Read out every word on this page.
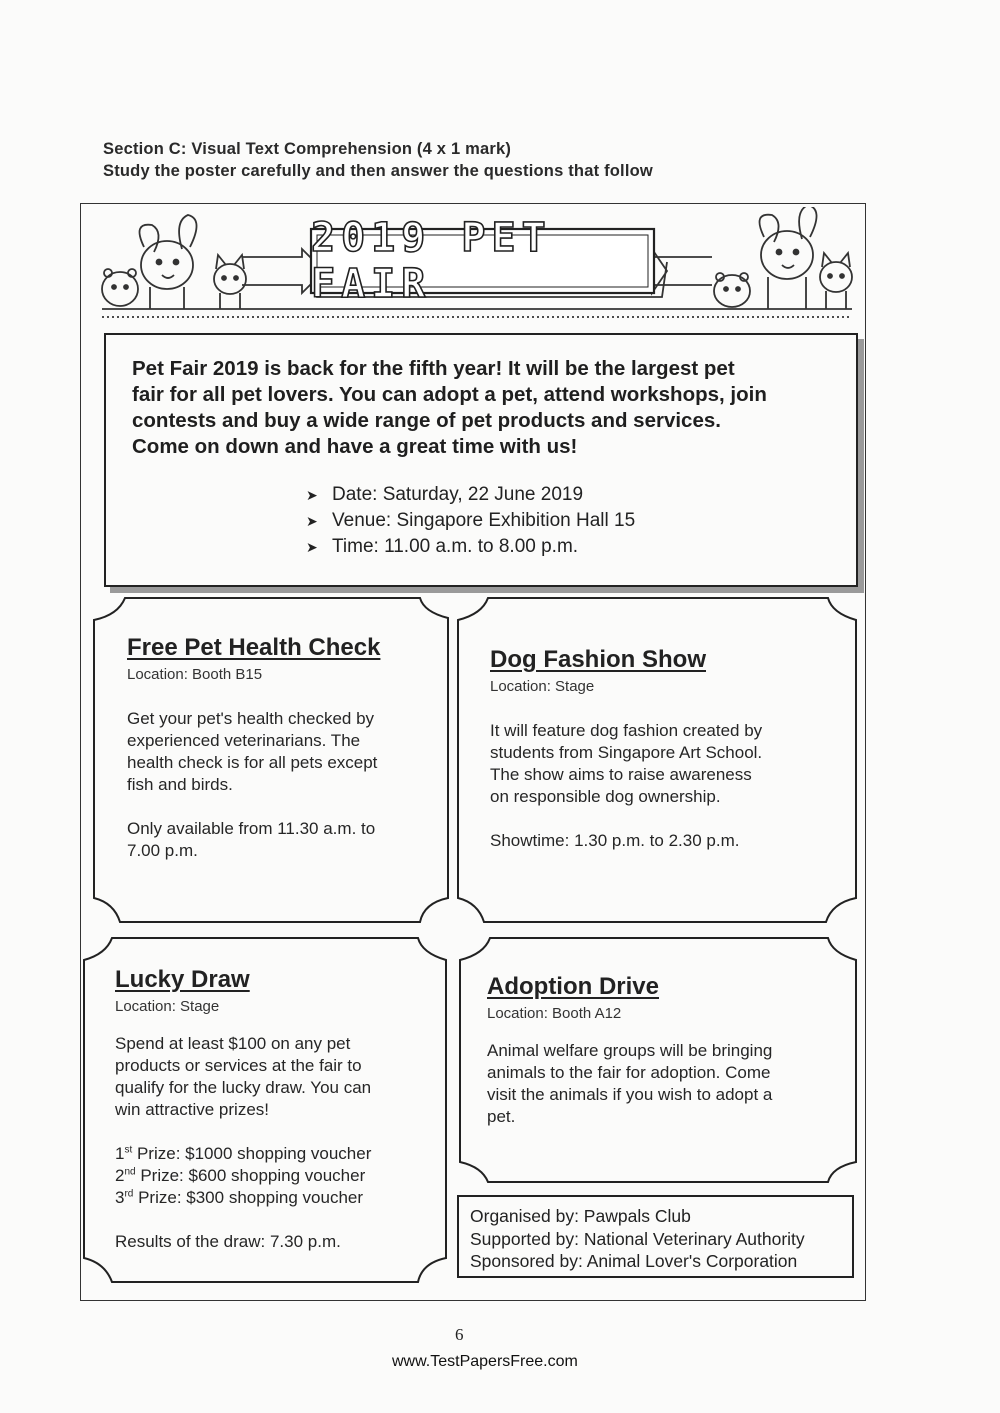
Section C: Visual Text Comprehension (4 x 1 mark)
Study the poster carefully and then answer the questions that follow
2019 PET FAIR
Pet Fair 2019 is back for the fifth year! It will be the largest pet
fair for all pet lovers. You can adopt a pet, attend workshops, join
contests and buy a wide range of pet products and services.
Come on down and have a great time with us!
➤ Date: Saturday, 22 June 2019
➤ Venue: Singapore Exhibition Hall 15
➤ Time: 11.00 a.m. to 8.00 p.m.
Free Pet Health Check
Location: Booth B15

Get your pet's health checked by

experienced veterinarians. The

health check is for all pets except

fish and birds.

Only available from 11.30 a.m. to

7.00 p.m.

Dog Fashion Show
Location: Stage

It will feature dog fashion created by

students from Singapore Art School.

The show aims to raise awareness

on responsible dog ownership.

Showtime: 1.30 p.m. to 2.30 p.m.

Lucky Draw
Location: Stage

Spend at least $100 on any pet

products or services at the fair to

qualify for the lucky draw. You can

win attractive prizes!

1st Prize: $1000 shopping voucher

2nd Prize: $600 shopping voucher

3rd Prize: $300 shopping voucher

Results of the draw: 7.30 p.m.

Adoption Drive
Location: Booth A12

Animal welfare groups will be bringing

animals to the fair for adoption. Come

visit the animals if you wish to adopt a

pet.

Organised by: Pawpals Club
Supported by: National Veterinary Authority
Sponsored by: Animal Lover's Corporation
6
www.TestPapersFree.com
